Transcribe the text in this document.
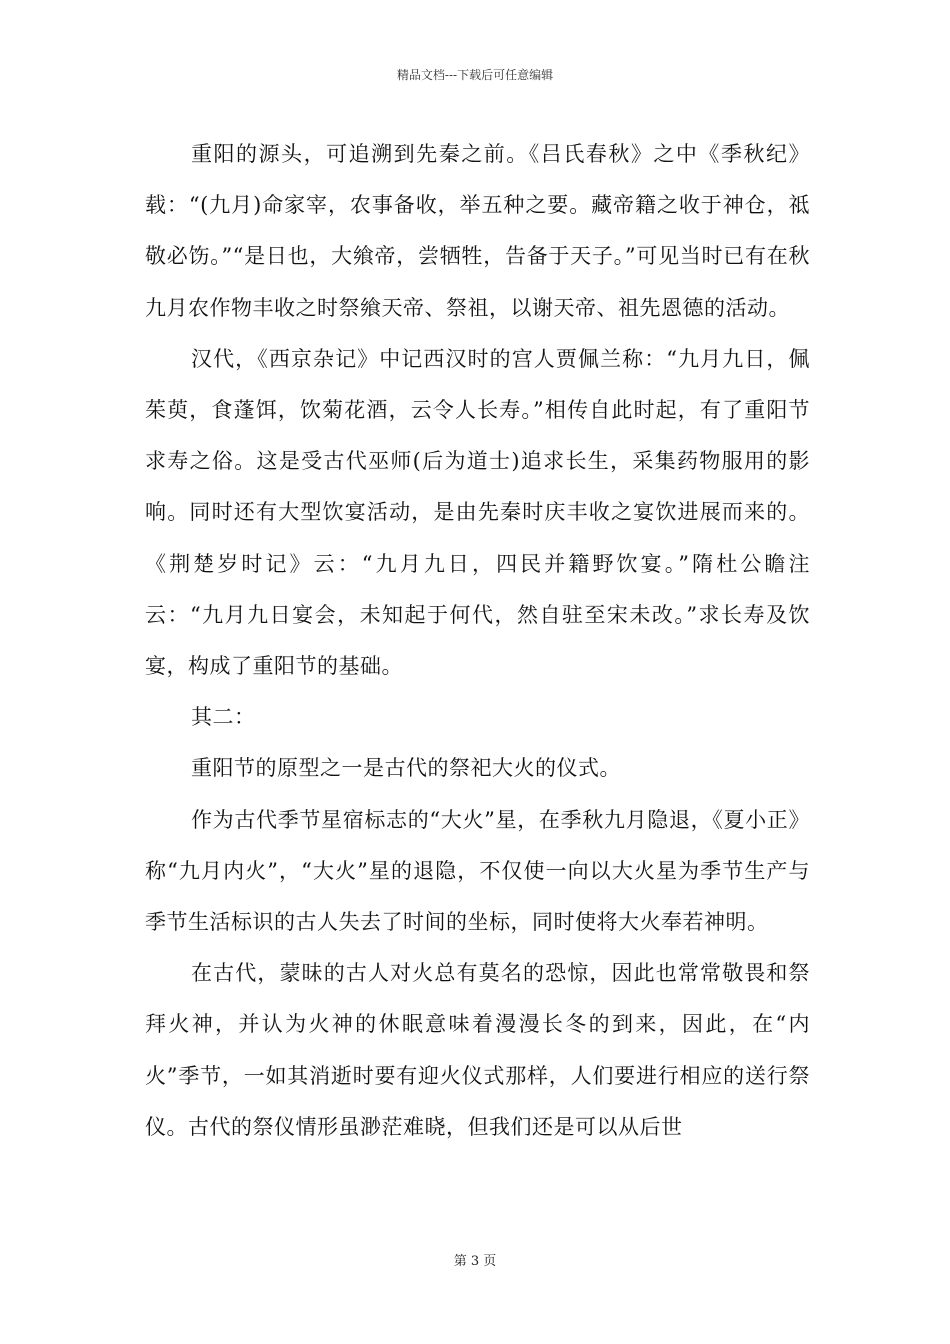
精品文档---下载后可任意编辑

重阳的源头，可追溯到先秦之前。《吕氏春秋》之中《季秋纪》载：“(九月)命家宰，农事备收，举五种之要。藏帝籍之收于神仓，祗敬必饬。”“是日也，大飨帝，尝牺牲，告备于天子。”可见当时已有在秋九月农作物丰收之时祭飨天帝、祭祖，以谢天帝、祖先恩德的活动。

汉代，《西京杂记》中记西汉时的宫人贾佩兰称：“九月九日，佩茱萸，食蓬饵，饮菊花酒，云令人长寿。”相传自此时起，有了重阳节求寿之俗。这是受古代巫师(后为道士)追求长生，采集药物服用的影响。同时还有大型饮宴活动，是由先秦时庆丰收之宴饮进展而来的。《荆楚岁时记》云：“九月九日，四民并籍野饮宴。”隋杜公瞻注云：“九月九日宴会，未知起于何代，然自驻至宋未改。”求长寿及饮宴，构成了重阳节的基础。

其二：

重阳节的原型之一是古代的祭祀大火的仪式。

作为古代季节星宿标志的“大火”星，在季秋九月隐退，《夏小正》称“九月内火”，“大火”星的退隐，不仅使一向以大火星为季节生产与季节生活标识的古人失去了时间的坐标，同时使将大火奉若神明。

在古代，蒙昧的古人对火总有莫名的恐惊，因此也常常敬畏和祭拜火神，并认为火神的休眠意味着漫漫长冬的到来，因此，在“内火”季节，一如其消逝时要有迎火仪式那样，人们要进行相应的送行祭仪。古代的祭仪情形虽渺茫难晓，但我们还是可以从后世

第 3 页
